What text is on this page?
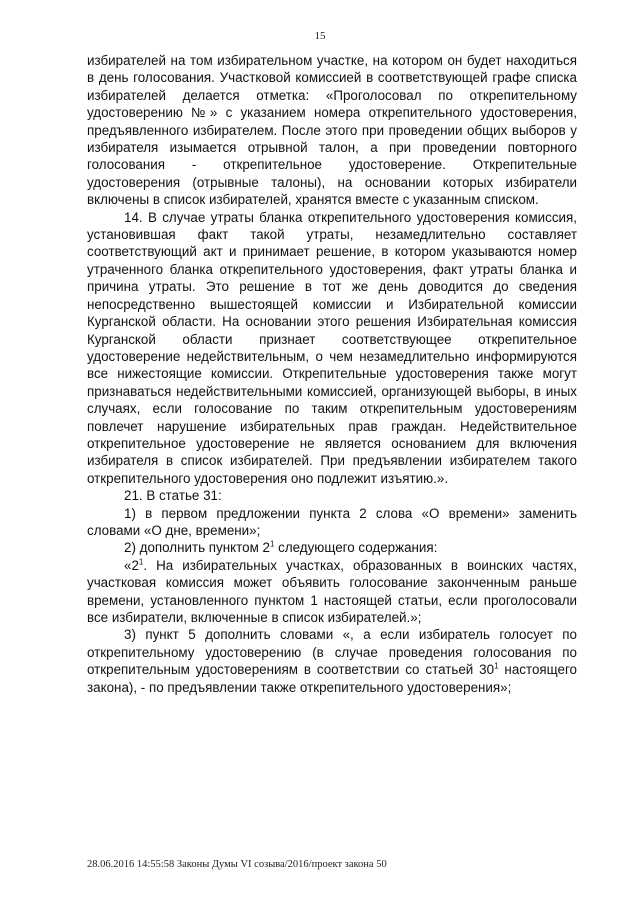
15

избирателей на том избирательном участке, на котором он будет находиться в день голосования. Участковой комиссией в соответствующей графе списка избирателей делается отметка: «Проголосовал по открепительному удостоверению №» с указанием номера открепительного удостоверения, предъявленного избирателем. После этого при проведении общих выборов у избирателя изымается отрывной талон, а при проведении повторного голосования - открепительное удостоверение. Открепительные удостоверения (отрывные талоны), на основании которых избиратели включены в список избирателей, хранятся вместе с указанным списком.

14. В случае утраты бланка открепительного удостоверения комиссия, установившая факт такой утраты, незамедлительно составляет соответствующий акт и принимает решение, в котором указываются номер утраченного бланка открепительного удостоверения, факт утраты бланка и причина утраты. Это решение в тот же день доводится до сведения непосредственно вышестоящей комиссии и Избирательной комиссии Курганской области. На основании этого решения Избирательная комиссия Курганской области признает соответствующее открепительное удостоверение недействительным, о чем незамедлительно информируются все нижестоящие комиссии. Открепительные удостоверения также могут признаваться недействительными комиссией, организующей выборы, в иных случаях, если голосование по таким открепительным удостоверениям повлечет нарушение избирательных прав граждан. Недействительное открепительное удостоверение не является основанием для включения избирателя в список избирателей. При предъявлении избирателем такого открепительного удостоверения оно подлежит изъятию.».

21. В статье 31:

1) в первом предложении пункта 2 слова «О времени» заменить словами «О дне, времени»;

2) дополнить пунктом $2^1$ следующего содержания:

«$2^1$. На избирательных участках, образованных в воинских частях, участковая комиссия может объявить голосование законченным раньше времени, установленного пунктом 1 настоящей статьи, если проголосовали все избиратели, включенные в список избирателей.»;

3) пункт 5 дополнить словами «, а если избиратель голосует по открепительному удостоверению (в случае проведения голосования по открепительным удостоверениям в соответствии со статьей $30^1$ настоящего закона), - по предъявлении также открепительного удостоверения»;

28.06.2016 14:55:58 Законы Думы VI созыва/2016/проект закона 50
